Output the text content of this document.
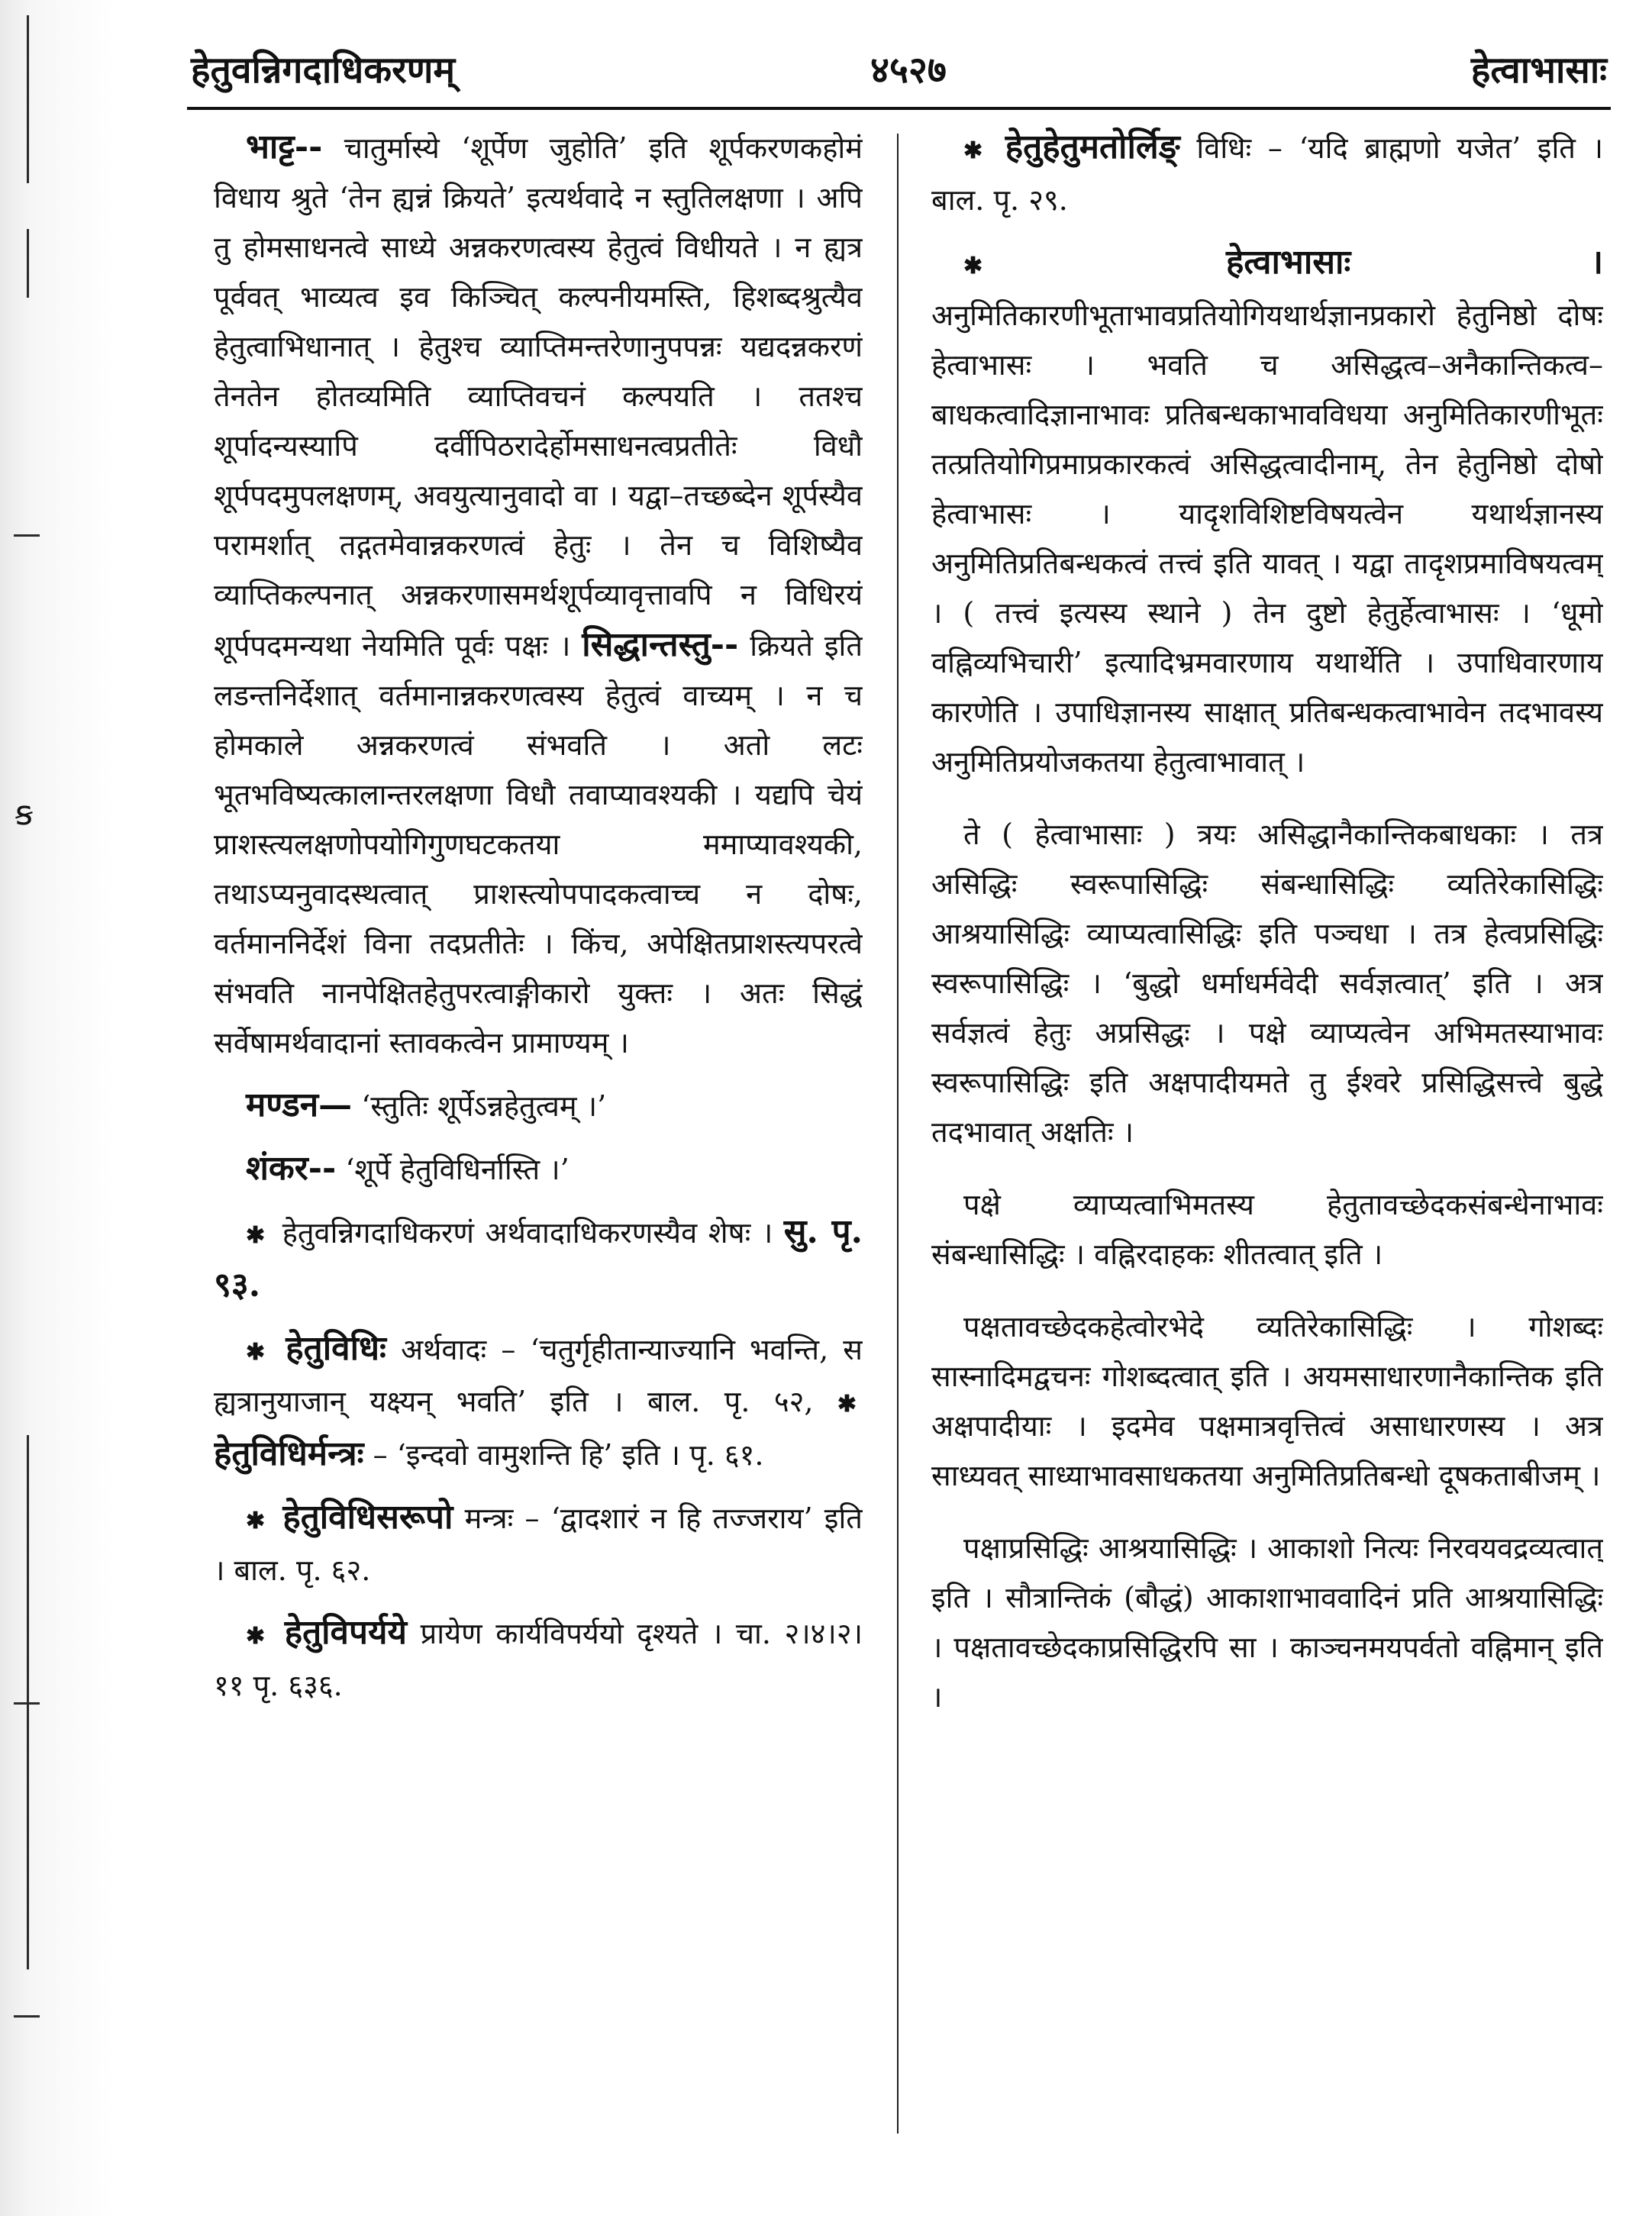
ꞩ
हेतुवन्निगदाधिकरणम्	४५२७	हेत्वाभासाः

भाट्ट-- चातुर्मास्ये ‘शूर्पेण जुहोति’ इति शूर्पकरणकहोमं विधाय श्रुते ‘तेन ह्यन्नं क्रियते’ इत्यर्थवादे न स्तुतिलक्षणा । अपि तु होमसाधनत्वे साध्ये अन्नकरणत्वस्य हेतुत्वं विधीयते । न ह्यत्र पूर्ववत् भाव्यत्व इव किञ्चित् कल्पनीयमस्ति, हिशब्दश्रुत्यैव हेतुत्वाभिधानात् । हेतुश्च व्याप्तिमन्तरेणानुपपन्नः यद्यदन्नकरणं तेनतेन होतव्यमिति व्याप्तिवचनं कल्पयति । ततश्च शूर्पादन्यस्यापि दर्वीपिठरादेर्होमसाधनत्वप्रतीतेः विधौ शूर्पपदमुपलक्षणम्, अवयुत्यानुवादो वा । यद्वा–तच्छब्देन शूर्पस्यैव परामर्शात् तद्गतमेवान्नकरणत्वं हेतुः । तेन च विशिष्यैव व्याप्तिकल्पनात् अन्नकरणासमर्थशूर्पव्यावृत्तावपि न विधिरयं शूर्पपदमन्यथा नेयमिति पूर्वः पक्षः । सिद्धान्तस्तु-- क्रियते इति लडन्तनिर्देशात् वर्तमानान्नकरणत्वस्य हेतुत्वं वाच्यम् । न च होमकाले अन्नकरणत्वं संभवति । अतो लटः भूतभविष्यत्कालान्तरलक्षणा विधौ तवाप्यावश्यकी । यद्यपि चेयं प्राशस्त्यलक्षणोपयोगिगुणघटकतया ममाप्यावश्यकी, तथाऽप्यनुवादस्थत्वात् प्राशस्त्योपपादकत्वाच्च न दोषः, वर्तमाननिर्देशं विना तदप्रतीतेः । किंच, अपेक्षितप्राशस्त्यपरत्वे संभवति नानपेक्षितहेतुपरत्वाङ्गीकारो युक्तः । अतः सिद्धं सर्वेषामर्थवादानां स्तावकत्वेन प्रामाण्यम् ।

मण्डन— ‘स्तुतिः शूर्पेऽन्नहेतुत्वम् ।’

शंकर-- ‘शूर्पे हेतुविधिर्नास्ति ।’

✱ हेतुवन्निगदाधिकरणं अर्थवादाधिकरणस्यैव शेषः । सु. पृ. ९३.

✱ हेतुविधिः अर्थवादः – ‘चतुर्गृहीतान्याज्यानि भवन्ति, स ह्यत्रानुयाजान् यक्ष्यन् भवति’ इति । बाल. पृ. ५२, ✱ हेतुविधिर्मन्त्रः – ‘इन्दवो वामुशन्ति हि’ इति । पृ. ६१.

✱ हेतुविधिसरूपो मन्त्रः – ‘द्वादशारं न हि तज्जराय’ इति । बाल. पृ. ६२.

✱ हेतुविपर्यये प्रायेण कार्यविपर्ययो दृश्यते । चा. २।४।२।११ पृ. ६३६.

✱ हेतुहेतुमतोर्लिङ् विधिः – ‘यदि ब्राह्मणो यजेत’ इति । बाल. पृ. २९.

✱	हेत्वाभासाः । अनुमितिकारणीभूताभावप्रतियोगियथार्थज्ञानप्रकारो हेतुनिष्ठो दोषः हेत्वाभासः । भवति च असिद्धत्व–अनैकान्तिकत्व–बाधकत्वादिज्ञानाभावः प्रतिबन्धकाभावविधया अनुमितिकारणीभूतः तत्प्रतियोगिप्रमाप्रकारकत्वं असिद्धत्वादीनाम्, तेन हेतुनिष्ठो दोषो हेत्वाभासः । यादृशविशिष्टविषयत्वेन यथार्थज्ञानस्य अनुमितिप्रतिबन्धकत्वं तत्त्वं इति यावत् । यद्वा तादृशप्रमाविषयत्वम् । ( तत्त्वं इत्यस्य स्थाने ) तेन दुष्टो हेतुर्हेत्वाभासः । ‘धूमो वह्निव्यभिचारी’ इत्यादिभ्रमवारणाय यथार्थेति । उपाधिवारणाय कारणेति । उपाधिज्ञानस्य साक्षात् प्रतिबन्धकत्वाभावेन तदभावस्य अनुमितिप्रयोजकतया हेतुत्वाभावात् ।

ते ( हेत्वाभासाः ) त्रयः असिद्धानैकान्तिकबाधकाः । तत्र असिद्धिः स्वरूपासिद्धिः संबन्धासिद्धिः व्यतिरेकासिद्धिः आश्रयासिद्धिः व्याप्यत्वासिद्धिः इति पञ्चधा । तत्र हेत्वप्रसिद्धिः स्वरूपासिद्धिः । ‘बुद्धो धर्माधर्मवेदी सर्वज्ञत्वात्’ इति । अत्र सर्वज्ञत्वं हेतुः अप्रसिद्धः । पक्षे व्याप्यत्वेन अभिमतस्याभावः स्वरूपासिद्धिः इति अक्षपादीयमते तु ईश्वरे प्रसिद्धिसत्त्वे बुद्धे तदभावात् अक्षतिः ।

पक्षे व्याप्यत्वाभिमतस्य हेतुतावच्छेदकसंबन्धेनाभावः संबन्धासिद्धिः । वह्निरदाहकः शीतत्वात् इति ।

पक्षतावच्छेदकहेत्वोरभेदे व्यतिरेकासिद्धिः । गोशब्दः सास्नादिमद्वचनः गोशब्दत्वात् इति । अयमसाधारणानैकान्तिक इति अक्षपादीयाः । इदमेव पक्षमात्रवृत्तित्वं असाधारणस्य । अत्र साध्यवत् साध्याभावसाधकतया अनुमितिप्रतिबन्धो दूषकताबीजम् ।

पक्षाप्रसिद्धिः आश्रयासिद्धिः । आकाशो नित्यः निरवयवद्रव्यत्वात् इति । सौत्रान्तिकं (बौद्धं) आकाशाभाववादिनं प्रति आश्रयासिद्धिः । पक्षतावच्छेदकाप्रसिद्धिरपि सा । काञ्चनमयपर्वतो वह्निमान् इति ।
